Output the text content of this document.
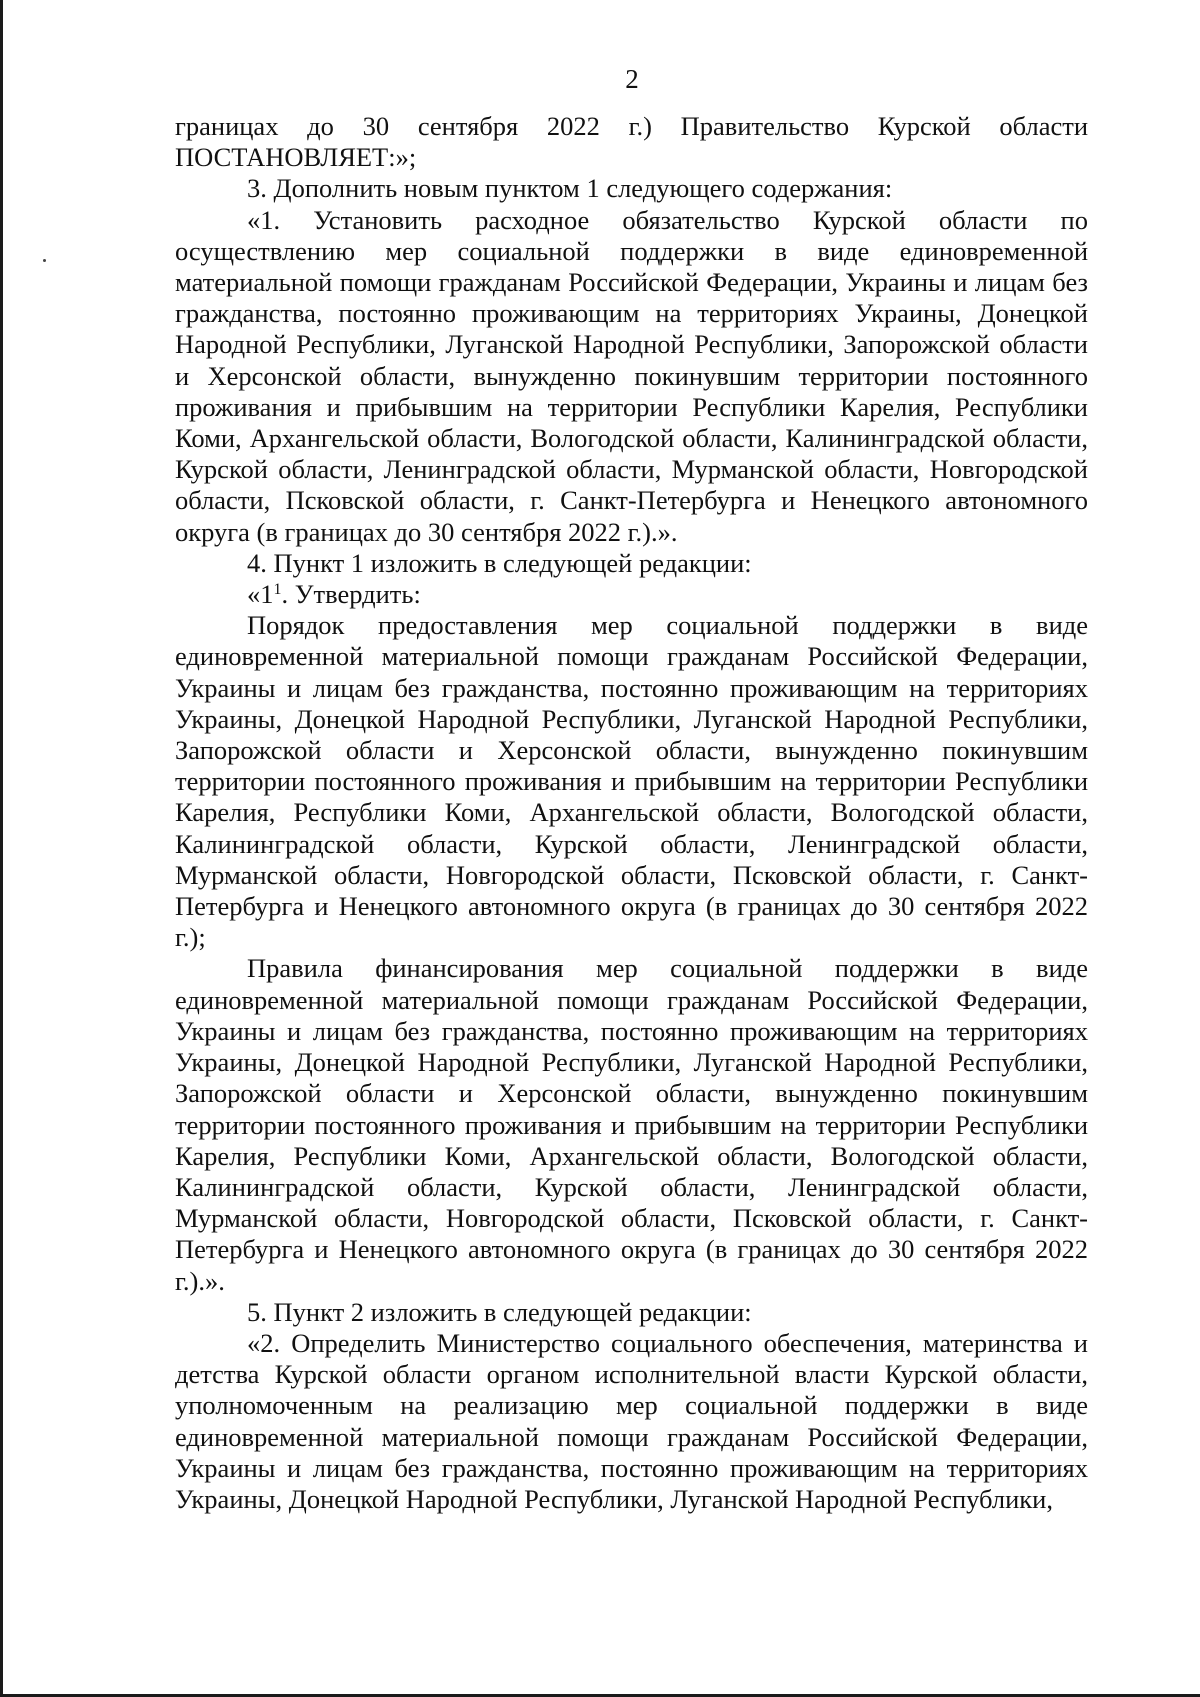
2

границах до 30 сентября 2022 г.) Правительство Курской области ПОСТАНОВЛЯЕТ:»;

3. Дополнить новым пунктом 1 следующего содержания:

«1. Установить расходное обязательство Курской области по осуществлению мер социальной поддержки в виде единовременной материальной помощи гражданам Российской Федерации, Украины и лицам без гражданства, постоянно проживающим на территориях Украины, Донецкой Народной Республики, Луганской Народной Республики, Запорожской области и Херсонской области, вынужденно покинувшим территории постоянного проживания и прибывшим на территории Республики Карелия, Республики Коми, Архангельской области, Вологодской области, Калининградской области, Курской области, Ленинградской области, Мурманской области, Новгородской области, Псковской области, г. Санкт-Петербурга и Ненецкого автономного округа (в границах до 30 сентября 2022 г.).».

4. Пункт 1 изложить в следующей редакции:

«$1^1$. Утвердить:

Порядок предоставления мер социальной поддержки в виде единовременной материальной помощи гражданам Российской Федерации, Украины и лицам без гражданства, постоянно проживающим на территориях Украины, Донецкой Народной Республики, Луганской Народной Республики, Запорожской области и Херсонской области, вынужденно покинувшим территории постоянного проживания и прибывшим на территории Республики Карелия, Республики Коми, Архангельской области, Вологодской области, Калининградской области, Курской области, Ленинградской области, Мурманской области, Новгородской области, Псковской области, г. Санкт-Петербурга и Ненецкого автономного округа (в границах до 30 сентября 2022 г.);

Правила финансирования мер социальной поддержки в виде единовременной материальной помощи гражданам Российской Федерации, Украины и лицам без гражданства, постоянно проживающим на территориях Украины, Донецкой Народной Республики, Луганской Народной Республики, Запорожской области и Херсонской области, вынужденно покинувшим территории постоянного проживания и прибывшим на территории Республики Карелия, Республики Коми, Архангельской области, Вологодской области, Калининградской области, Курской области, Ленинградской области, Мурманской области, Новгородской области, Псковской области, г. Санкт-Петербурга и Ненецкого автономного округа (в границах до 30 сентября 2022 г.).».

5. Пункт 2 изложить в следующей редакции:

«2. Определить Министерство социального обеспечения, материнства и детства Курской области органом исполнительной власти Курской области, уполномоченным на реализацию мер социальной поддержки в виде единовременной материальной помощи гражданам Российской Федерации, Украины и лицам без гражданства, постоянно проживающим на территориях Украины, Донецкой Народной Республики, Луганской Народной Республики,
